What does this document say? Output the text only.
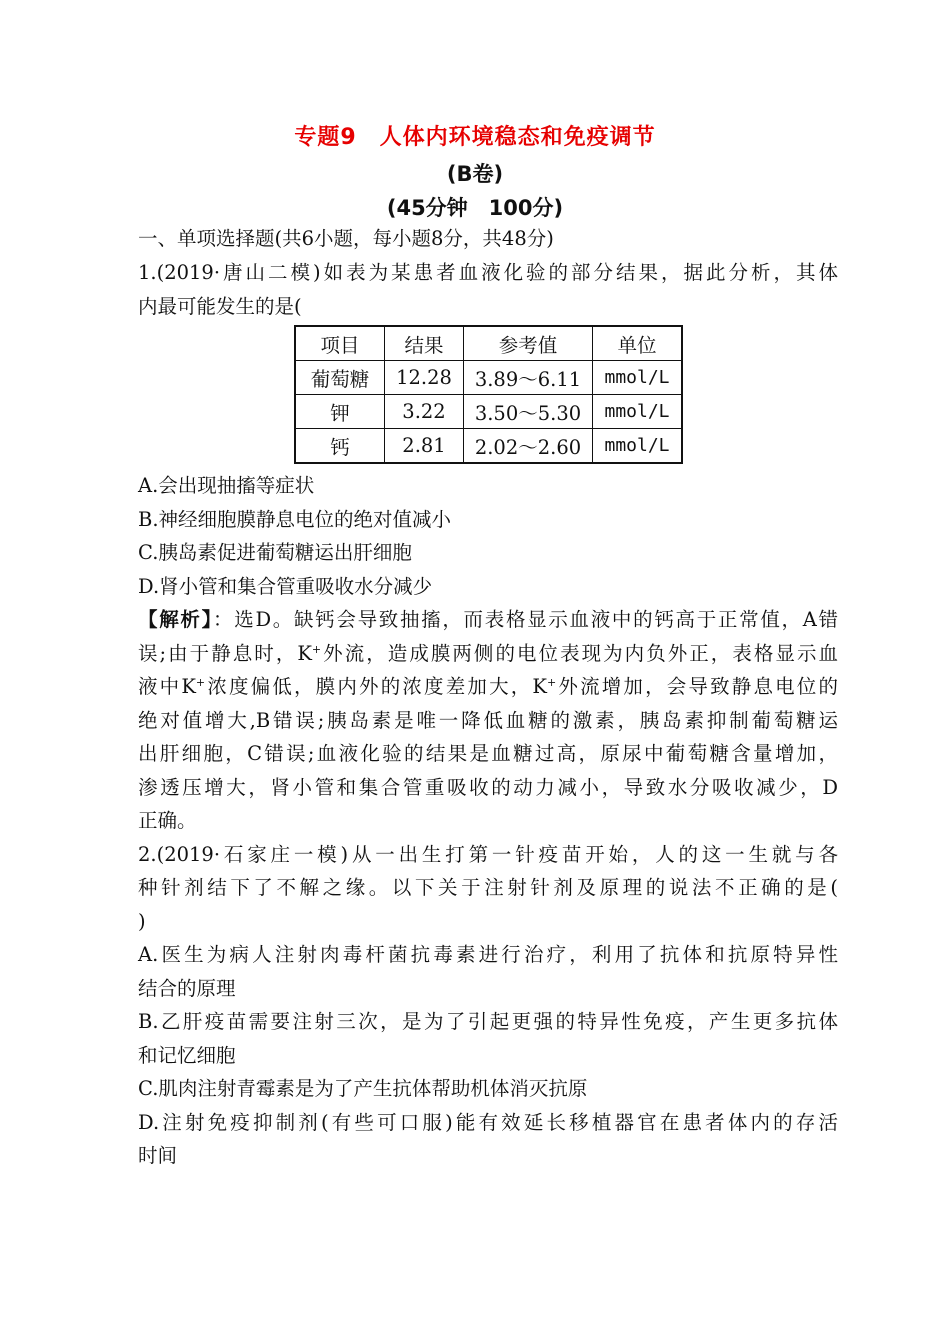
专题9　人体内环境稳态和免疫调节
(B卷)
(45分钟　100分)
一、单项选择题(共6小题，每小题8分，共48分)
1.(2019·唐山二模)如表为某患者血液化验的部分结果，据此分析，其体
内最可能发生的是(
项目	结果	参考值	单位
葡萄糖	12.28	3.89～6.11	mmol/L
钾	3.22	3.50～5.30	mmol/L
钙	2.81	2.02～2.60	mmol/L
A.会出现抽搐等症状
B.神经细胞膜静息电位的绝对值减小
C.胰岛素促进葡萄糖运出肝细胞
D.肾小管和集合管重吸收水分减少
【解析】：选D。缺钙会导致抽搐，而表格显示血液中的钙高于正常值，A错
误;由于静息时，K+外流，造成膜两侧的电位表现为内负外正，表格显示血
液中K+浓度偏低，膜内外的浓度差加大，K+外流增加，会导致静息电位的
绝对值增大,B错误;胰岛素是唯一降低血糖的激素，胰岛素抑制葡萄糖运
出肝细胞，C错误;血液化验的结果是血糖过高，原尿中葡萄糖含量增加，
渗透压增大，肾小管和集合管重吸收的动力减小，导致水分吸收减少，D
正确。
2.(2019·石家庄一模)从一出生打第一针疫苗开始，人的这一生就与各
种针剂结下了不解之缘。以下关于注射针剂及原理的说法不正确的是(
)
A.医生为病人注射肉毒杆菌抗毒素进行治疗，利用了抗体和抗原特异性
结合的原理
B.乙肝疫苗需要注射三次，是为了引起更强的特异性免疫，产生更多抗体
和记忆细胞
C.肌肉注射青霉素是为了产生抗体帮助机体消灭抗原
D.注射免疫抑制剂(有些可口服)能有效延长移植器官在患者体内的存活
时间
